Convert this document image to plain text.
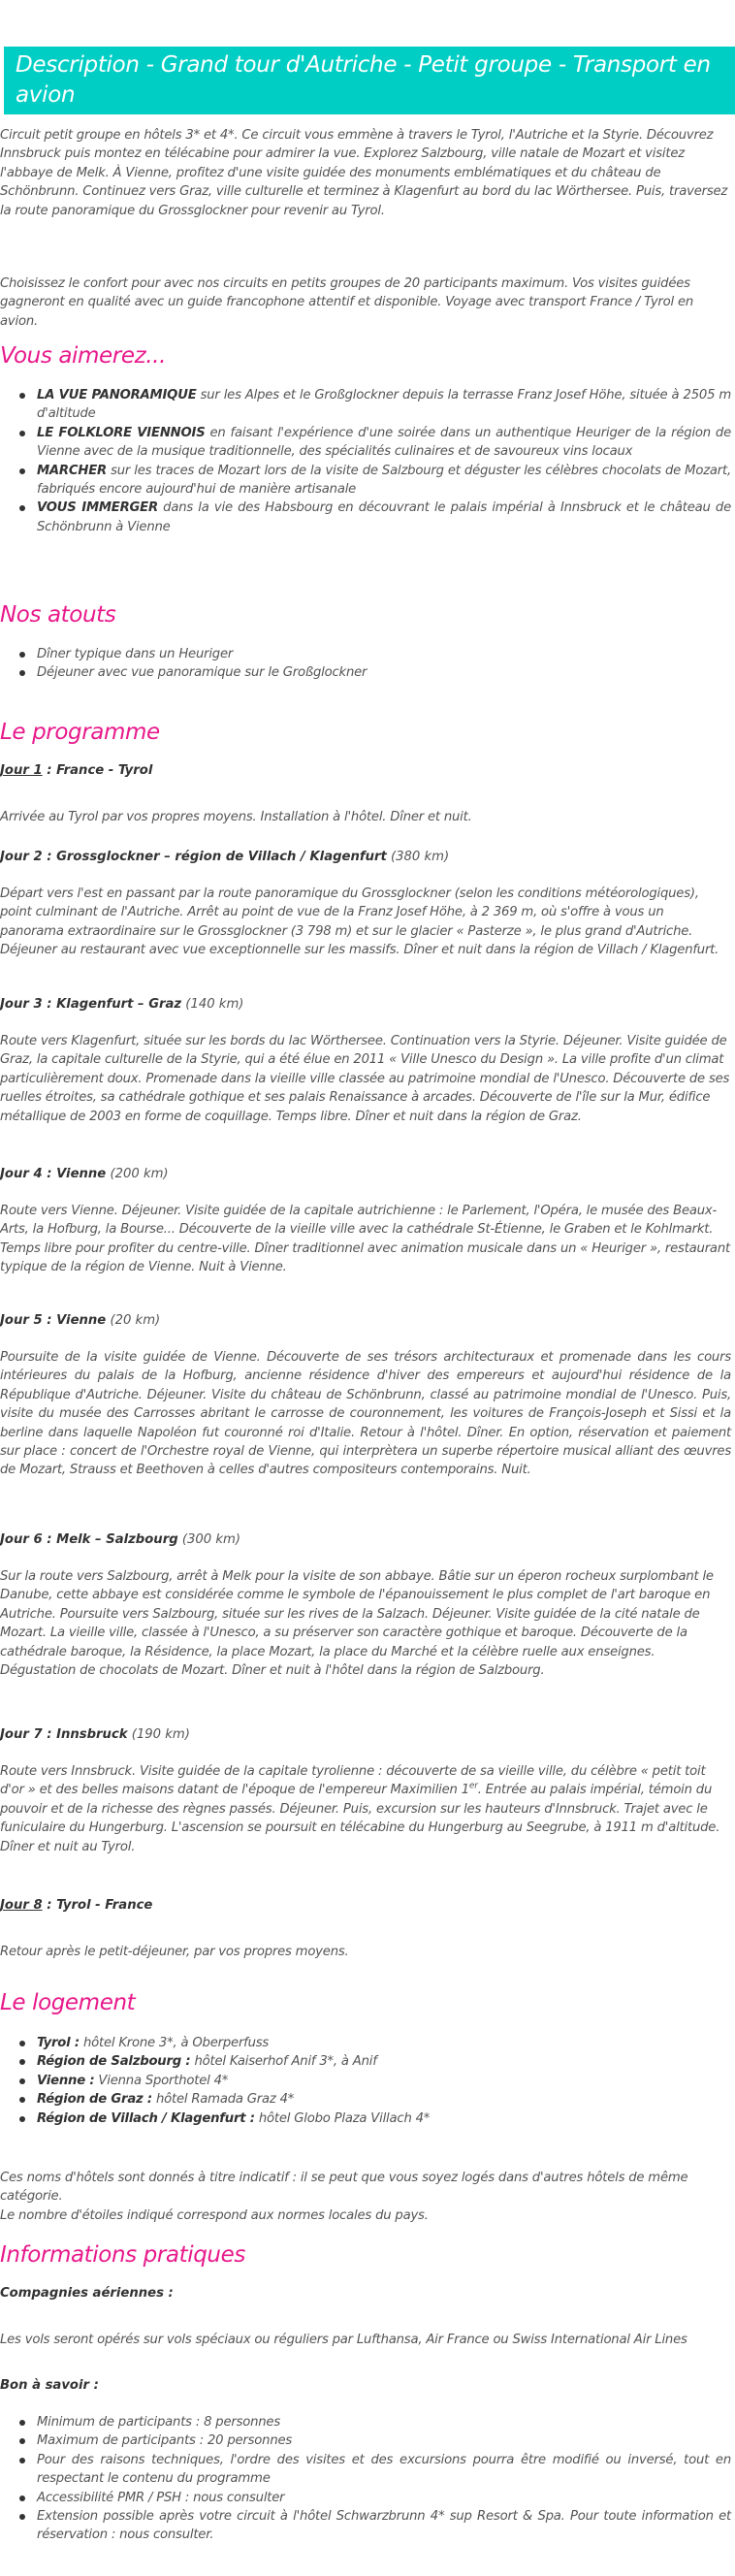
Description - Grand tour d'Autriche - Petit groupe - Transport en avion

Circuit petit groupe en hôtels 3* et 4*. Ce circuit vous emmène à travers le Tyrol, l'Autriche et la Styrie. Découvrez Innsbruck puis montez en télécabine pour admirer la vue. Explorez Salzbourg, ville natale de Mozart et visitez l'abbaye de Melk. À Vienne, profitez d'une visite guidée des monuments emblématiques et du château de Schönbrunn. Continuez vers Graz, ville culturelle et terminez à Klagenfurt au bord du lac Wörthersee. Puis, traversez la route panoramique du Grossglockner pour revenir au Tyrol.

Choisissez le confort pour avec nos circuits en petits groupes de 20 participants maximum. Vos visites guidées gagneront en qualité avec un guide francophone attentif et disponible. Voyage avec transport France / Tyrol en avion.

Vous aimerez...
LA VUE PANORAMIQUE sur les Alpes et le Großglockner depuis la terrasse Franz Josef Höhe, située à 2505 m d'altitude
LE FOLKLORE VIENNOIS en faisant l'expérience d'une soirée dans un authentique Heuriger de la région de Vienne avec de la musique traditionnelle, des spécialités culinaires et de savoureux vins locaux
MARCHER sur les traces de Mozart lors de la visite de Salzbourg et déguster les célèbres chocolats de Mozart, fabriqués encore aujourd'hui de manière artisanale
VOUS IMMERGER dans la vie des Habsbourg en découvrant le palais impérial à Innsbruck et le château de Schönbrunn à Vienne
Nos atouts
Dîner typique dans un Heuriger
Déjeuner avec vue panoramique sur le Großglockner
Le programme

Jour 1 : France - Tyrol

Arrivée au Tyrol par vos propres moyens. Installation à l'hôtel. Dîner et nuit.

Jour 2 : Grossglockner – région de Villach / Klagenfurt (380 km)

Départ vers l'est en passant par la route panoramique du Grossglockner (selon les conditions météorologiques), point culminant de l'Autriche. Arrêt au point de vue de la Franz Josef Höhe, à 2 369 m, où s'offre à vous un panorama extraordinaire sur le Grossglockner (3 798 m) et sur le glacier « Pasterze », le plus grand d'Autriche. Déjeuner au restaurant avec vue exceptionnelle sur les massifs. Dîner et nuit dans la région de Villach / Klagenfurt.

Jour 3 : Klagenfurt – Graz (140 km)

Route vers Klagenfurt, située sur les bords du lac Wörthersee. Continuation vers la Styrie. Déjeuner. Visite guidée de Graz, la capitale culturelle de la Styrie, qui a été élue en 2011 « Ville Unesco du Design ». La ville profite d'un climat particulièrement doux. Promenade dans la vieille ville classée au patrimoine mondial de l'Unesco. Découverte de ses ruelles étroites, sa cathédrale gothique et ses palais Renaissance à arcades. Découverte de l'île sur la Mur, édifice métallique de 2003 en forme de coquillage. Temps libre. Dîner et nuit dans la région de Graz.

Jour 4 : Vienne (200 km)

Route vers Vienne. Déjeuner. Visite guidée de la capitale autrichienne : le Parlement, l'Opéra, le musée des Beaux-Arts, la Hofburg, la Bourse... Découverte de la vieille ville avec la cathédrale St-Étienne, le Graben et le Kohlmarkt. Temps libre pour profiter du centre-ville. Dîner traditionnel avec animation musicale dans un « Heuriger », restaurant typique de la région de Vienne. Nuit à Vienne.

Jour 5 : Vienne (20 km)

Poursuite de la visite guidée de Vienne. Découverte de ses trésors architecturaux et promenade dans les cours intérieures du palais de la Hofburg, ancienne résidence d'hiver des empereurs et aujourd'hui résidence de la République d'Autriche. Déjeuner. Visite du château de Schönbrunn, classé au patrimoine mondial de l'Unesco. Puis, visite du musée des Carrosses abritant le carrosse de couronnement, les voitures de François-Joseph et Sissi et la berline dans laquelle Napoléon fut couronné roi d'Italie. Retour à l'hôtel. Dîner. En option, réservation et paiement sur place : concert de l'Orchestre royal de Vienne, qui interprètera un superbe répertoire musical alliant des œuvres de Mozart, Strauss et Beethoven à celles d'autres compositeurs contemporains. Nuit.

Jour 6 : Melk – Salzbourg (300 km)

Sur la route vers Salzbourg, arrêt à Melk pour la visite de son abbaye. Bâtie sur un éperon rocheux surplombant le Danube, cette abbaye est considérée comme le symbole de l'épanouissement le plus complet de l'art baroque en Autriche. Poursuite vers Salzbourg, située sur les rives de la Salzach. Déjeuner. Visite guidée de la cité natale de Mozart. La vieille ville, classée à l'Unesco, a su préserver son caractère gothique et baroque. Découverte de la cathédrale baroque, la Résidence, la place Mozart, la place du Marché et la célèbre ruelle aux enseignes. Dégustation de chocolats de Mozart. Dîner et nuit à l'hôtel dans la région de Salzbourg.

Jour 7 : Innsbruck (190 km)

Route vers Innsbruck. Visite guidée de la capitale tyrolienne : découverte de sa vieille ville, du célèbre « petit toit d'or » et des belles maisons datant de l'époque de l'empereur Maximilien 1er. Entrée au palais impérial, témoin du pouvoir et de la richesse des règnes passés. Déjeuner. Puis, excursion sur les hauteurs d'Innsbruck. Trajet avec le funiculaire du Hungerburg. L'ascension se poursuit en télécabine du Hungerburg au Seegrube, à 1911 m d'altitude. Dîner et nuit au Tyrol.

Jour 8 : Tyrol - France

Retour après le petit-déjeuner, par vos propres moyens.

Le logement
Tyrol : hôtel Krone 3*, à Oberperfuss
Région de Salzbourg : hôtel Kaiserhof Anif 3*, à Anif
Vienne : Vienna Sporthotel 4*
Région de Graz : hôtel Ramada Graz 4*
Région de Villach / Klagenfurt : hôtel Globo Plaza Villach 4*

Ces noms d'hôtels sont donnés à titre indicatif : il se peut que vous soyez logés dans d'autres hôtels de même catégorie.

Le nombre d'étoiles indiqué correspond aux normes locales du pays.

Informations pratiques

Compagnies aériennes :

Les vols seront opérés sur vols spéciaux ou réguliers par Lufthansa, Air France ou Swiss International Air Lines

Bon à savoir :

Minimum de participants : 8 personnes
Maximum de participants : 20 personnes
Pour des raisons techniques, l'ordre des visites et des excursions pourra être modifié ou inversé, tout en respectant le contenu du programme
Accessibilité PMR / PSH : nous consulter
Extension possible après votre circuit à l'hôtel Schwarzbrunn 4* sup Resort & Spa. Pour toute information et réservation : nous consulter.
